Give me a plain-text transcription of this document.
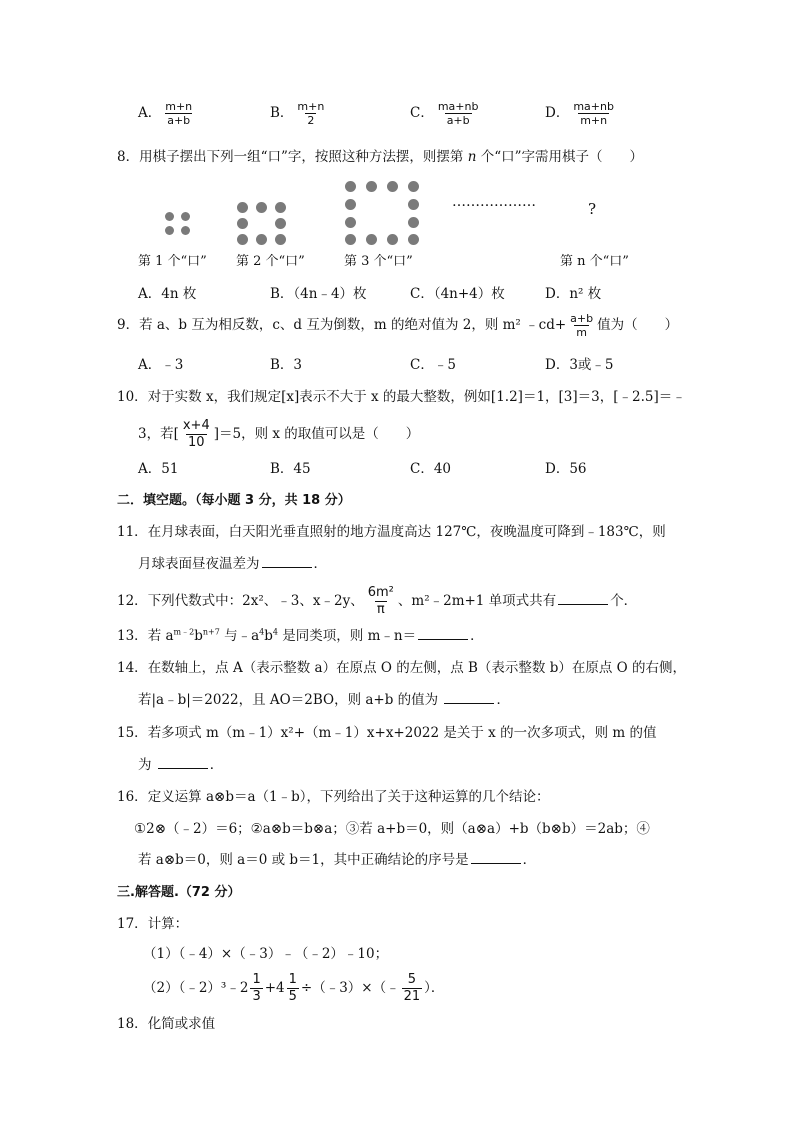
A． $\frac{m+n}{a+b}$	B． $\frac{m+n}{2}$	C． $\frac{ma+nb}{a+b}$	D． $\frac{ma+nb}{m+n}$
8．用棋子摆出下列一组“口”字，按照这种方法摆，则摆第 n 个“口”字需用棋子（　　）
………………	?
第 1 个“口” 第 2 个“口”	第 3 个“口”	第 n 个“口”
A．4n 枚	B．（4n﹣4）枚	C．（4n+4）枚	D．n² 枚
9．若 a、b 互为相反数，c、d 互为倒数，m 的绝对值为 2，则 m² ﹣cd+ $\frac{a+b}{m}$ 值为（　　）
A．﹣3	B．3	C．﹣5	D．3或﹣5
10．对于实数 x，我们规定[x]表示不大于 x 的最大整数，例如[1.2]＝1，[3]＝3，[﹣2.5]＝﹣
3，若[ $\frac{x+4}{10} ]=5$，则 x 的取值可以是（　　）
A．51	B．45	C．40	D．56
二．填空题。（每小题 3 分，共 18 分）
11．在月球表面，白天阳光垂直照射的地方温度高达 127℃，夜晚温度可降到﹣183℃，则
月球表面昼夜温差为	．
12．下列代数式中：2x²、﹣3、x﹣2y、 $\frac{\text{6m²}}{\pi}$ 、m²﹣2m+1 单项式共有	个．
13．若 $a^{m﹣2}b^{n+7}$ 与$﹣a^4b^4$ 是同类项，则 m﹣n＝	．
14．在数轴上，点 A（表示整数 a）在原点 O 的左侧，点 B（表示整数 b）在原点 O 的右侧，
若|a﹣b|＝2022，且 AO＝2BO，则 a+b 的值为	．
15．若多项式 m（m﹣1）x²+（m﹣1）x+x+2022 是关于 x 的一次多项式，则 m 的值
为	．
16．定义运算 a⊗b＝a（1﹣b），下列给出了关于这种运算的几个结论：
①2⊗（﹣2）＝6；②a⊗b＝b⊗a；③若 a+b＝0，则（a⊗a）+b（b⊗b）＝2ab；④
若 a⊗b＝0，则 a＝0 或 b＝1，其中正确结论的序号是	．
三.解答题.（72 分）
17．计算：
（1）（﹣4）×（﹣3）﹣（﹣2）﹣10；
（2）（﹣2）³﹣2 $\frac{1}{3} +4 \frac{1}{5}$ ÷（﹣3）×（﹣ $\frac{5}{21}$ ）．
18．化简或求值
